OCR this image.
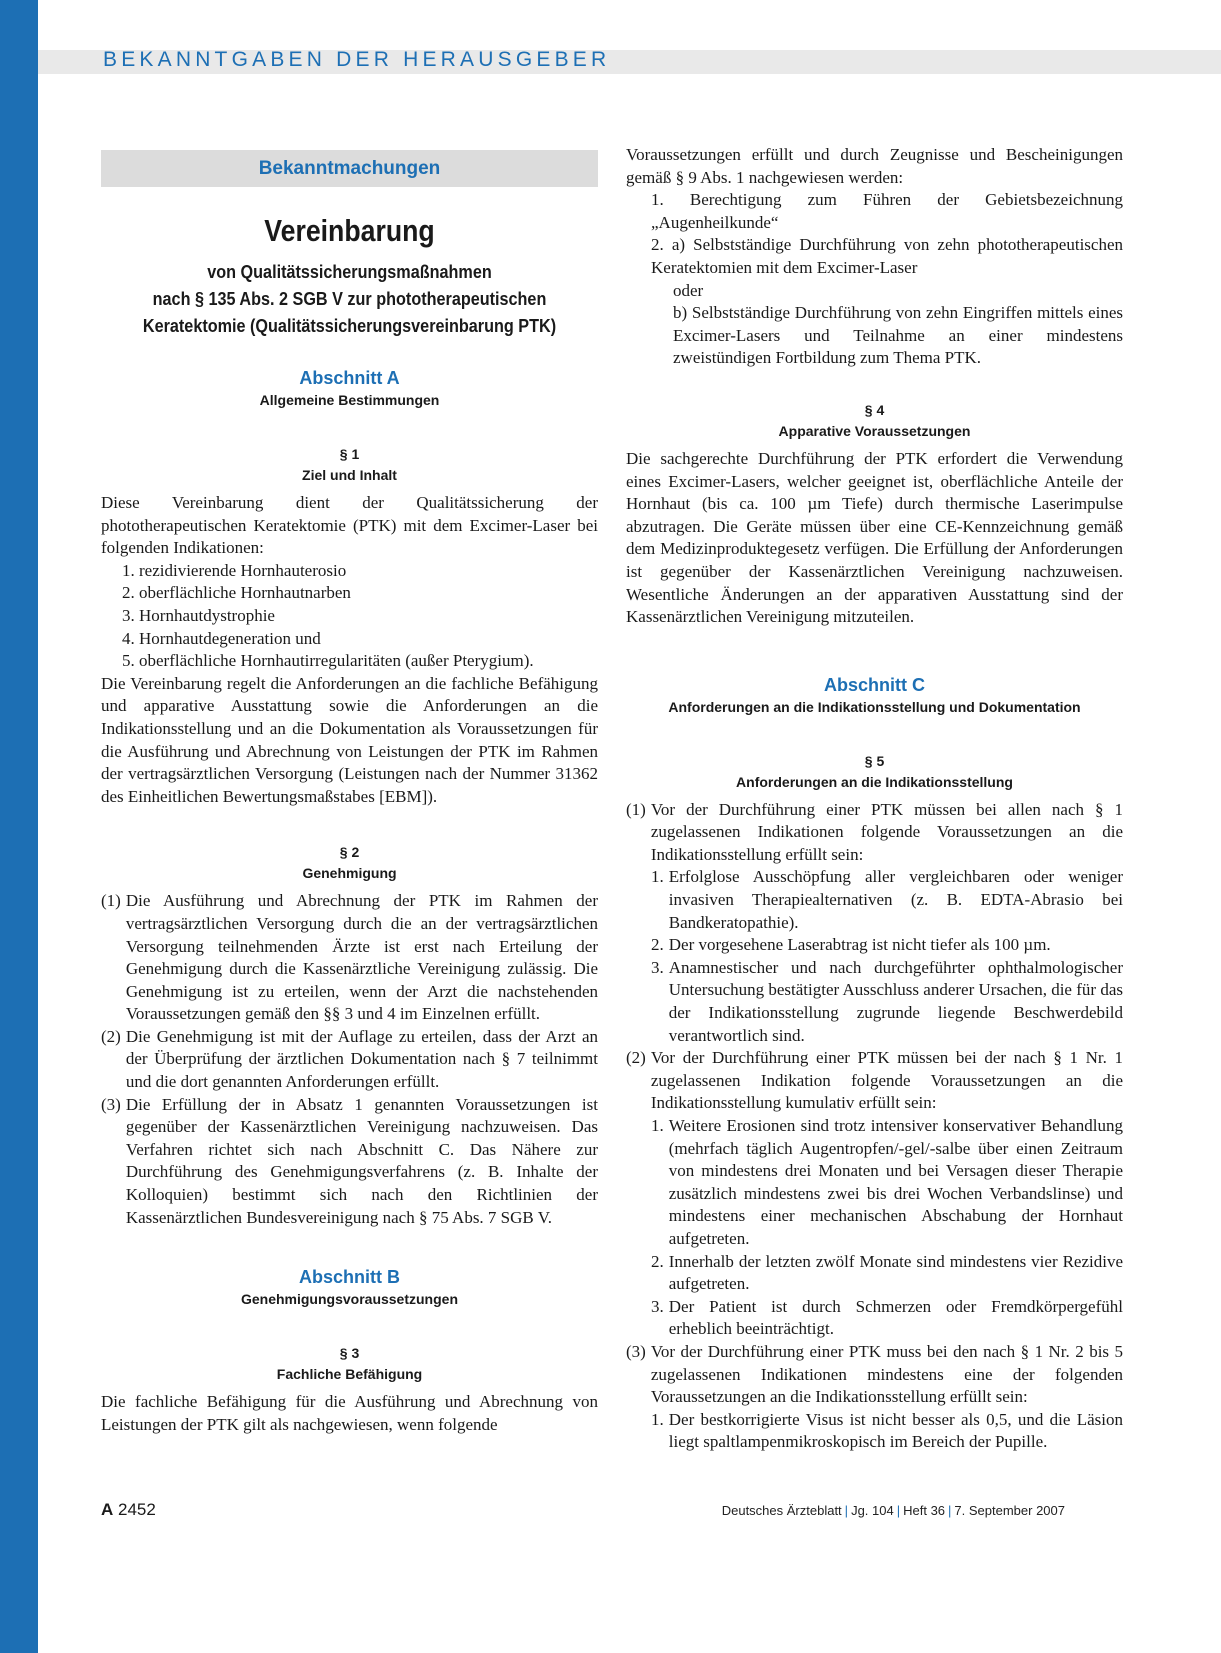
BEKANNTGABEN DER HERAUSGEBER
Bekanntmachungen
Vereinbarung
von Qualitätssicherungsmaßnahmen
nach § 135 Abs. 2 SGB V zur phototherapeutischen
Keratektomie (Qualitätssicherungsvereinbarung PTK)
Abschnitt A
Allgemeine Bestimmungen
§ 1
Ziel und Inhalt

Diese Vereinbarung dient der Qualitätssicherung der phototherapeutischen Keratektomie (PTK) mit dem Excimer-Laser bei folgenden Indikationen:

1. rezidivierende Hornhauterosio

2. oberflächliche Hornhautnarben

3. Hornhautdystrophie

4. Hornhautdegeneration und

5. oberflächliche Hornhautirregularitäten (außer Pterygium).

Die Vereinbarung regelt die Anforderungen an die fachliche Befähigung und apparative Ausstattung sowie die Anforderungen an die Indikationsstellung und an die Dokumentation als Voraussetzungen für die Ausführung und Abrechnung von Leistungen der PTK im Rahmen der vertragsärztlichen Versorgung (Leistungen nach der Nummer 31362 des Einheitlichen Bewertungsmaßstabes [EBM]).

§ 2
Genehmigung
(1) Die Ausführung und Abrechnung der PTK im Rahmen der vertragsärztlichen Versorgung durch die an der vertragsärztlichen Versorgung teilnehmenden Ärzte ist erst nach Erteilung der Genehmigung durch die Kassenärztliche Vereinigung zulässig. Die Genehmigung ist zu erteilen, wenn der Arzt die nachstehenden Voraussetzungen gemäß den §§ 3 und 4 im Einzelnen erfüllt.
(2) Die Genehmigung ist mit der Auflage zu erteilen, dass der Arzt an der Überprüfung der ärztlichen Dokumentation nach § 7 teilnimmt und die dort genannten Anforderungen erfüllt.
(3) Die Erfüllung der in Absatz 1 genannten Voraussetzungen ist gegenüber der Kassenärztlichen Vereinigung nachzuweisen. Das Verfahren richtet sich nach Abschnitt C. Das Nähere zur Durchführung des Genehmigungsverfahrens (z. B. Inhalte der Kolloquien) bestimmt sich nach den Richtlinien der Kassenärztlichen Bundesvereinigung nach § 75 Abs. 7 SGB V.
Abschnitt B
Genehmigungsvoraussetzungen
§ 3
Fachliche Befähigung

Die fachliche Befähigung für die Ausführung und Abrechnung von Leistungen der PTK gilt als nachgewiesen, wenn folgende

Voraussetzungen erfüllt und durch Zeugnisse und Bescheinigungen gemäß § 9 Abs. 1 nachgewiesen werden:

1. Berechtigung zum Führen der Gebietsbezeichnung „Augenheilkunde“

2. a) Selbstständige Durchführung von zehn phototherapeutischen Keratektomien mit dem Excimer-Laser

oder

b) Selbstständige Durchführung von zehn Eingriffen mittels eines Excimer-Lasers und Teilnahme an einer mindestens zweistündigen Fortbildung zum Thema PTK.

§ 4
Apparative Voraussetzungen

Die sachgerechte Durchführung der PTK erfordert die Verwendung eines Excimer-Lasers, welcher geeignet ist, oberflächliche Anteile der Hornhaut (bis ca. 100 µm Tiefe) durch thermische Laserimpulse abzutragen. Die Geräte müssen über eine CE-Kennzeichnung gemäß dem Medizinproduktegesetz verfügen. Die Erfüllung der Anforderungen ist gegenüber der Kassenärztlichen Vereinigung nachzuweisen. Wesentliche Änderungen an der apparativen Ausstattung sind der Kassenärztlichen Vereinigung mitzuteilen.

Abschnitt C
Anforderungen an die Indikationsstellung und Dokumentation
§ 5
Anforderungen an die Indikationsstellung
(1) Vor der Durchführung einer PTK müssen bei allen nach § 1 zugelassenen Indikationen folgende Voraussetzungen an die Indikationsstellung erfüllt sein:
1. Erfolglose Ausschöpfung aller vergleichbaren oder weniger invasiven Therapiealternativen (z. B. EDTA-Abrasio bei Bandkeratopathie).
2. Der vorgesehene Laserabtrag ist nicht tiefer als 100 µm.
3. Anamnestischer und nach durchgeführter ophthalmologischer Untersuchung bestätigter Ausschluss anderer Ursachen, die für das der Indikationsstellung zugrunde liegende Beschwerdebild verantwortlich sind.
(2) Vor der Durchführung einer PTK müssen bei der nach § 1 Nr. 1 zugelassenen Indikation folgende Voraussetzungen an die Indikationsstellung kumulativ erfüllt sein:
1. Weitere Erosionen sind trotz intensiver konservativer Behandlung (mehrfach täglich Augentropfen/-gel/-salbe über einen Zeitraum von mindestens drei Monaten und bei Versagen dieser Therapie zusätzlich mindestens zwei bis drei Wochen Verbandslinse) und mindestens einer mechanischen Abschabung der Hornhaut aufgetreten.
2. Innerhalb der letzten zwölf Monate sind mindestens vier Rezidive aufgetreten.
3. Der Patient ist durch Schmerzen oder Fremdkörpergefühl erheblich beeinträchtigt.
(3) Vor der Durchführung einer PTK muss bei den nach § 1 Nr. 2 bis 5 zugelassenen Indikationen mindestens eine der folgenden Voraussetzungen an die Indikationsstellung erfüllt sein:
1. Der bestkorrigierte Visus ist nicht besser als 0,5, und die Läsion liegt spaltlampenmikroskopisch im Bereich der Pupille.
A 2452	Deutsches Ärzteblatt | Jg. 104 | Heft 36 | 7. September 2007
